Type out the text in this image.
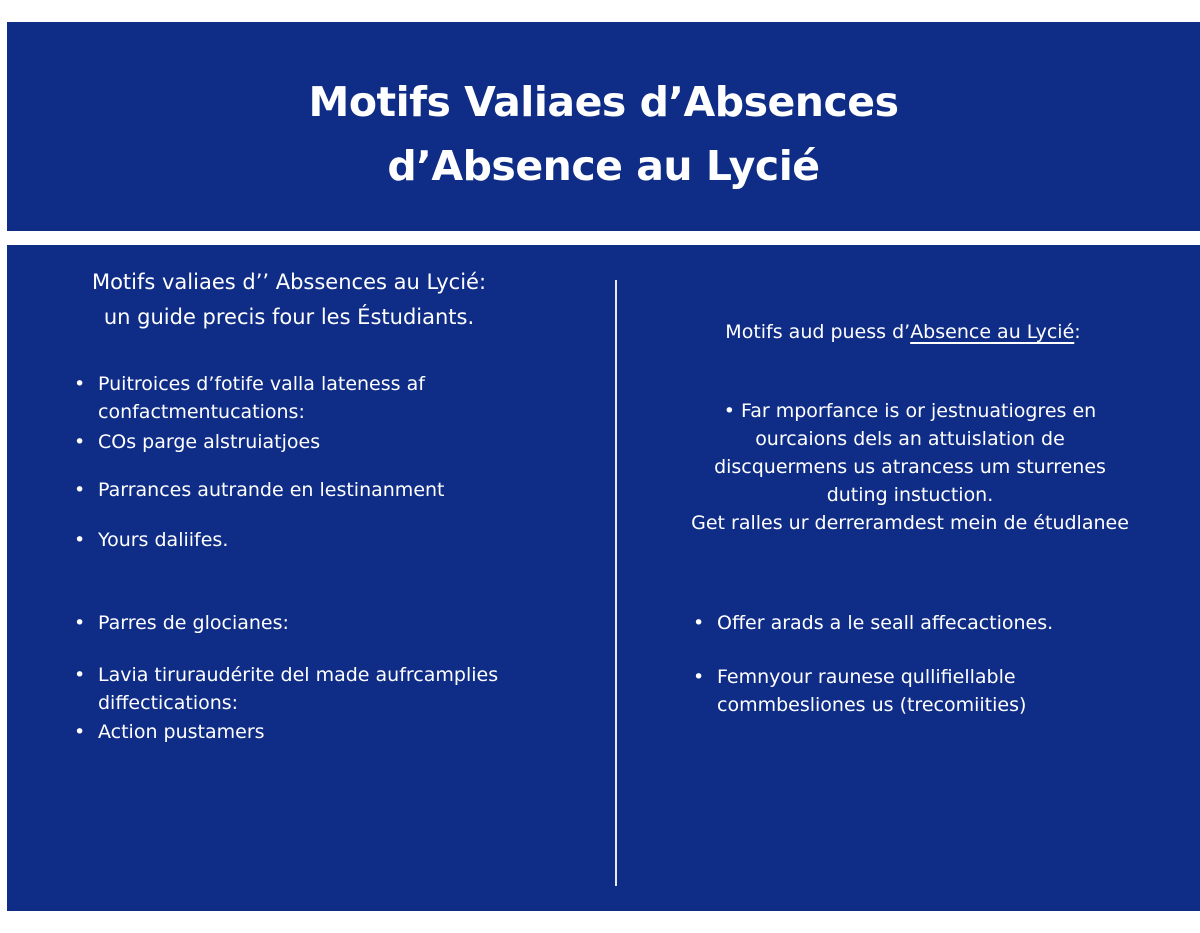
Motifs Valiaes d’Absences
d’Absence au Lycié
Motifs valiaes d’’ Abssences au Lycié:
un guide precis four les Éstudiants.
• Puitroices d’fotife valla lateness af
confactmentucations:
• COs parge alstruiatjoes
• Parrances autrande en lestinanment
• Yours daliifes.
• Parres de glocianes:
• Lavia tiruraudérite del made aufrcamplies
diffectications:
• Action pustamers
Motifs aud puess d’Absence au Lycié:
• Far mporfance is or jestnuatiogres en
ourcaions dels an attuislation de
discquermens us atrancess um sturrenes
duting instuction.
Get ralles ur derreramdest mein de étudlanee
• Offer arads a le seall affecactiones.
• Femnyour raunese qullifiellable
commbesliones us (trecomiities)
